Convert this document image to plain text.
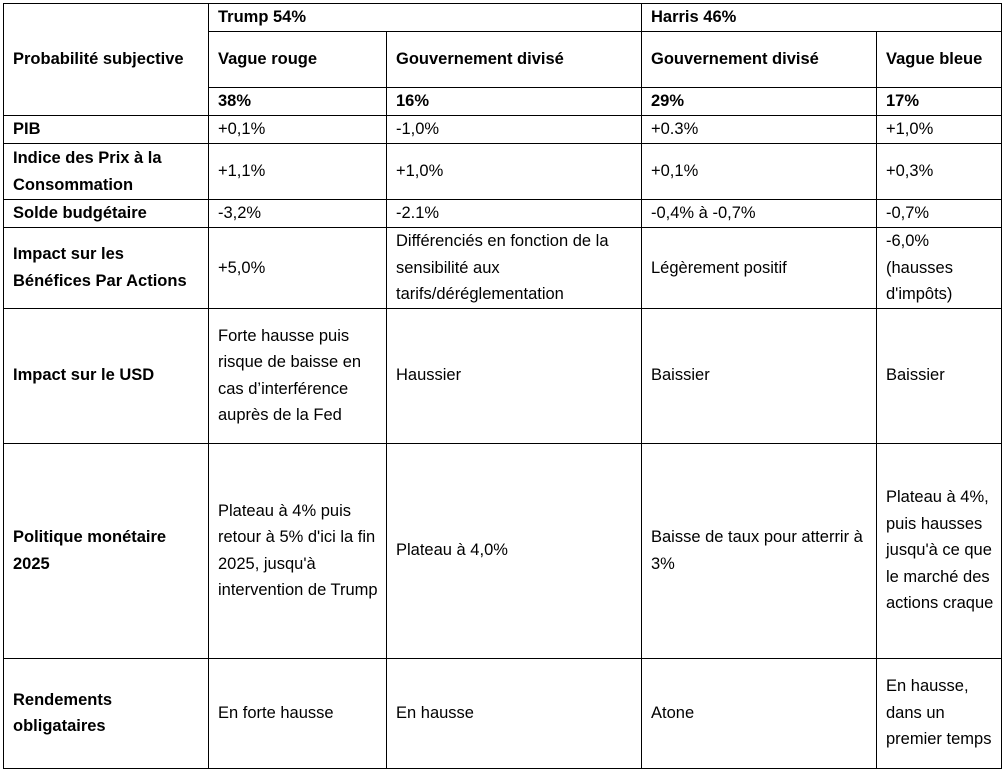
Probabilité subjective	Trump 54%		Harris 46%	
	Vague rouge	Gouvernement divisé	Gouvernement divisé	Vague bleue
	38%	16%	29%	17%
PIB	+0,1%	-1,0%	+0.3%	+1,0%
Indice des Prix à la Consommation	+1,1%	+1,0%	+0,1%	+0,3%
Solde budgétaire	-3,2%	-2.1%	-0,4% à -0,7%	-0,7%
Impact sur les Bénéfices Par Actions	+5,0%	Différenciés en fonction de la sensibilité aux tarifs/déréglementation	Légèrement positif	-6,0% (hausses d'impôts)
Impact sur le USD	Forte hausse puis risque de baisse en cas d’interférence auprès de la Fed	Haussier	Baissier	Baissier
Politique monétaire 2025	Plateau à 4% puis retour à 5% d'ici la fin 2025, jusqu'à intervention de Trump	Plateau à 4,0%	Baisse de taux pour atterrir à 3%	Plateau à 4%, puis hausses jusqu'à ce que le marché des actions craque
Rendements obligataires	En forte hausse	En hausse	Atone	En hausse, dans un premier temps
